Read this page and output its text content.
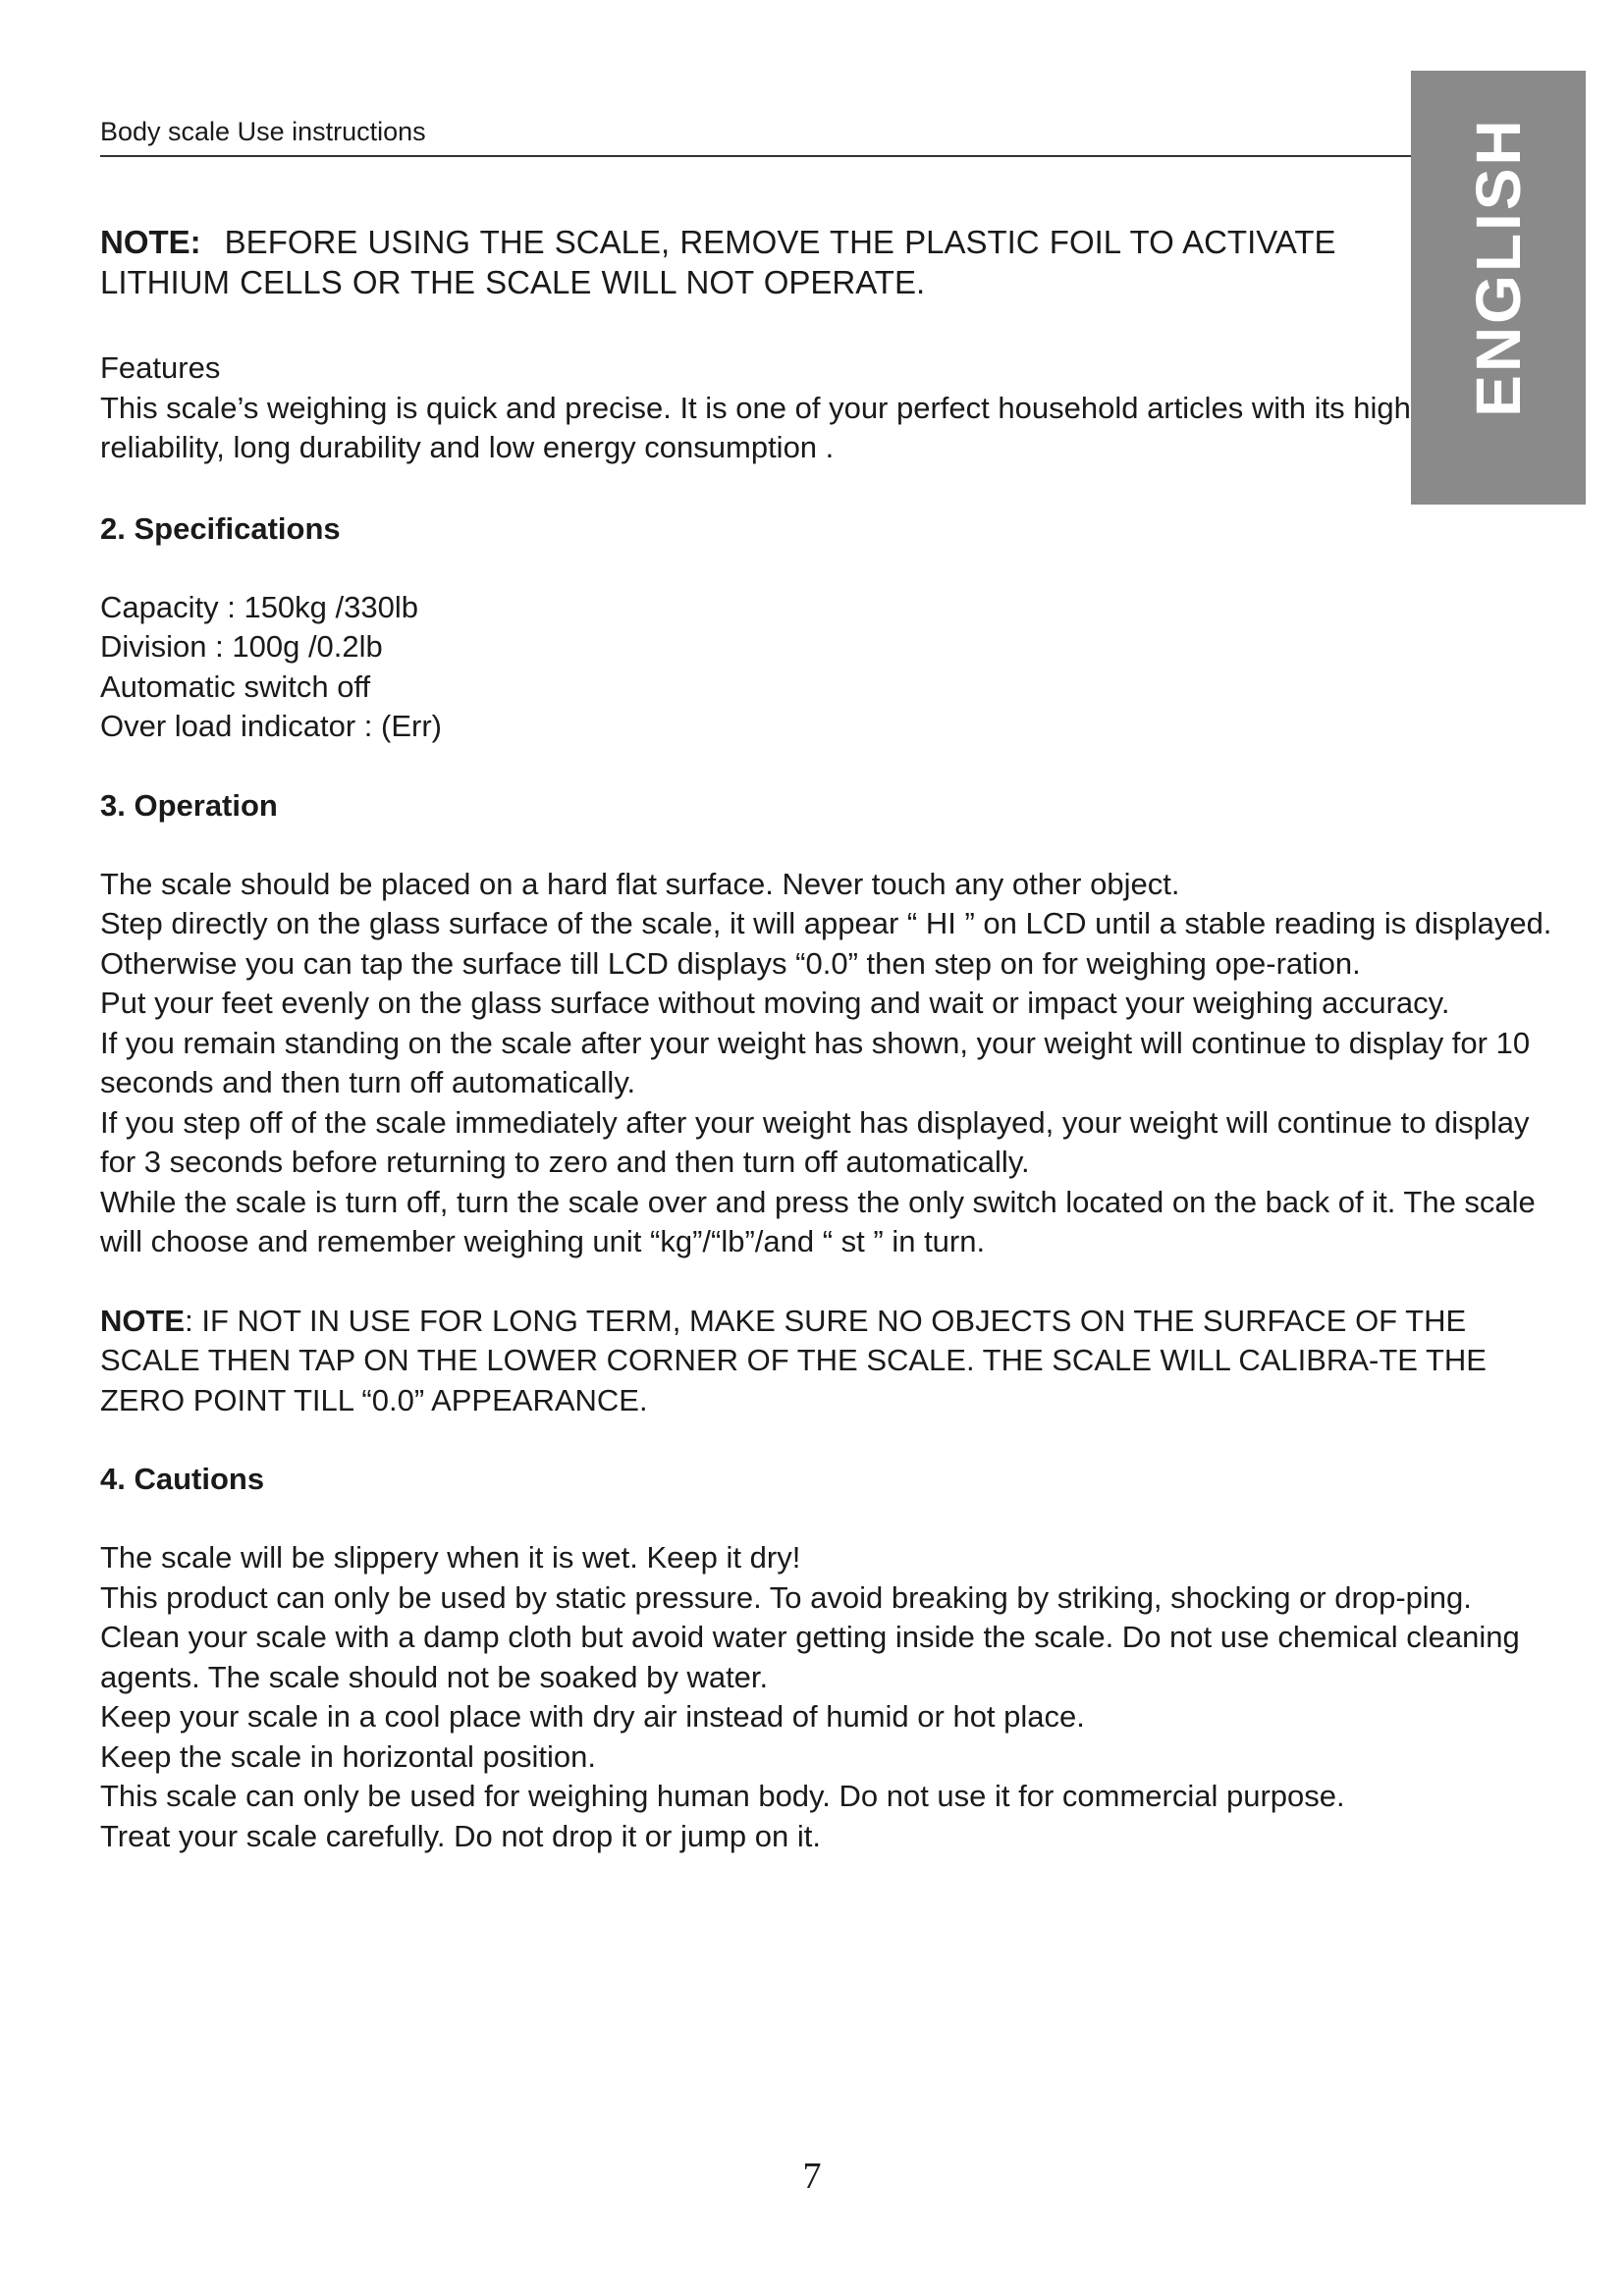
Body scale Use instructions	ENGLISH

NOTE: BEFORE USING THE SCALE, REMOVE THE PLASTIC FOIL TO ACTIVATE LITHIUM CELLS OR THE SCALE WILL NOT OPERATE.

Features

This scale’s weighing is quick and precise. It is one of your perfect household articles with its high reliability, long durability and low energy consumption .

2. Specifications

Capacity : 150kg /330lb

Division : 100g /0.2lb

Automatic switch off

Over load indicator : (Err)

3. Operation

The scale should be placed on a hard flat surface. Never touch any other object.

Step directly on the glass surface of the scale, it will appear “ HI ” on LCD until a stable reading is displayed. Otherwise you can tap the surface till LCD displays “0.0” then step on for weighing ope-ration.

Put your feet evenly on the glass surface without moving and wait or impact your weighing accuracy.

If you remain standing on the scale after your weight has shown, your weight will continue to display for 10 seconds and then turn off automatically.

If you step off of the scale immediately after your weight has displayed, your weight will continue to display for 3 seconds before returning to zero and then turn off automatically.

While the scale is turn off, turn the scale over and press the only switch located on the back of it. The scale will choose and remember weighing unit “kg”/“lb”/and “ st ” in turn.

NOTE: IF NOT IN USE FOR LONG TERM, MAKE SURE NO OBJECTS ON THE SURFACE OF THE SCALE THEN TAP ON THE LOWER CORNER OF THE SCALE. THE SCALE WILL CALIBRA-TE THE ZERO POINT TILL “0.0” APPEARANCE.

4. Cautions

The scale will be slippery when it is wet. Keep it dry!

This product can only be used by static pressure. To avoid breaking by striking, shocking or drop-ping.

Clean your scale with a damp cloth but avoid water getting inside the scale. Do not use chemical cleaning agents. The scale should not be soaked by water.

Keep your scale in a cool place with dry air instead of humid or hot place.

Keep the scale in horizontal position.

This scale can only be used for weighing human body. Do not use it for commercial purpose.

Treat your scale carefully. Do not drop it or jump on it.

7
